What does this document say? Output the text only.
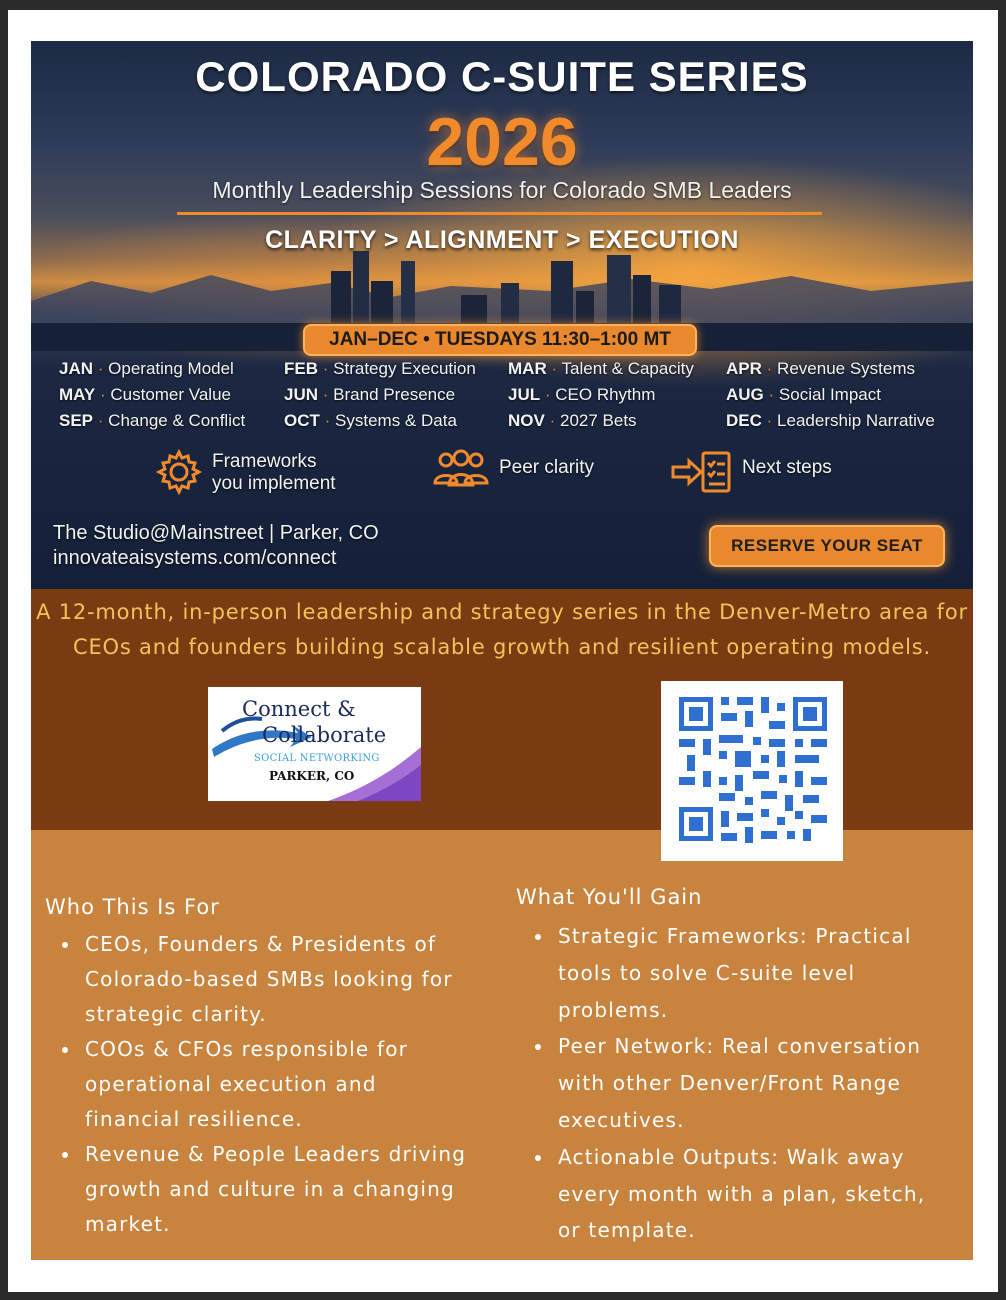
COLORADO C-SUITE SERIES
2026
Monthly Leadership Sessions for Colorado SMB Leaders
CLARITY > ALIGNMENT > EXECUTION
JAN–DEC • TUESDAYS 11:30–1:00 MT
JAN · Operating Model	FEB · Strategy Execution MAR · Talent & Capacity APR · Revenue Systems
MAY · Customer Value	JUN · Brand Presence	JUL · CEO Rhythm	AUG · Social Impact
SEP · Change & Conflict OCT · Systems & Data	NOV · 2027 Bets	DEC · Leadership Narrative
Frameworks
you implement
Peer clarity	Next steps
The Studio@Mainstreet | Parker, CO
innovateaisystems.com/connect
RESERVE YOUR SEAT
A 12-month, in-person leadership and strategy series in the Denver-Metro area for
CEOs and founders building scalable growth and resilient operating models.
Connect &
Collaborate
SOCIAL NETWORKING
PARKER, CO
Who This Is For
CEOs, Founders & Presidents of
Colorado-based SMBs looking for
strategic clarity.
COOs & CFOs responsible for
operational execution and
financial resilience.
Revenue & People Leaders driving
growth and culture in a changing
market.
What You'll Gain
Strategic Frameworks: Practical
tools to solve C-suite level
problems.
Peer Network: Real conversation
with other Denver/Front Range
executives.
Actionable Outputs: Walk away
every month with a plan, sketch,
or template.
